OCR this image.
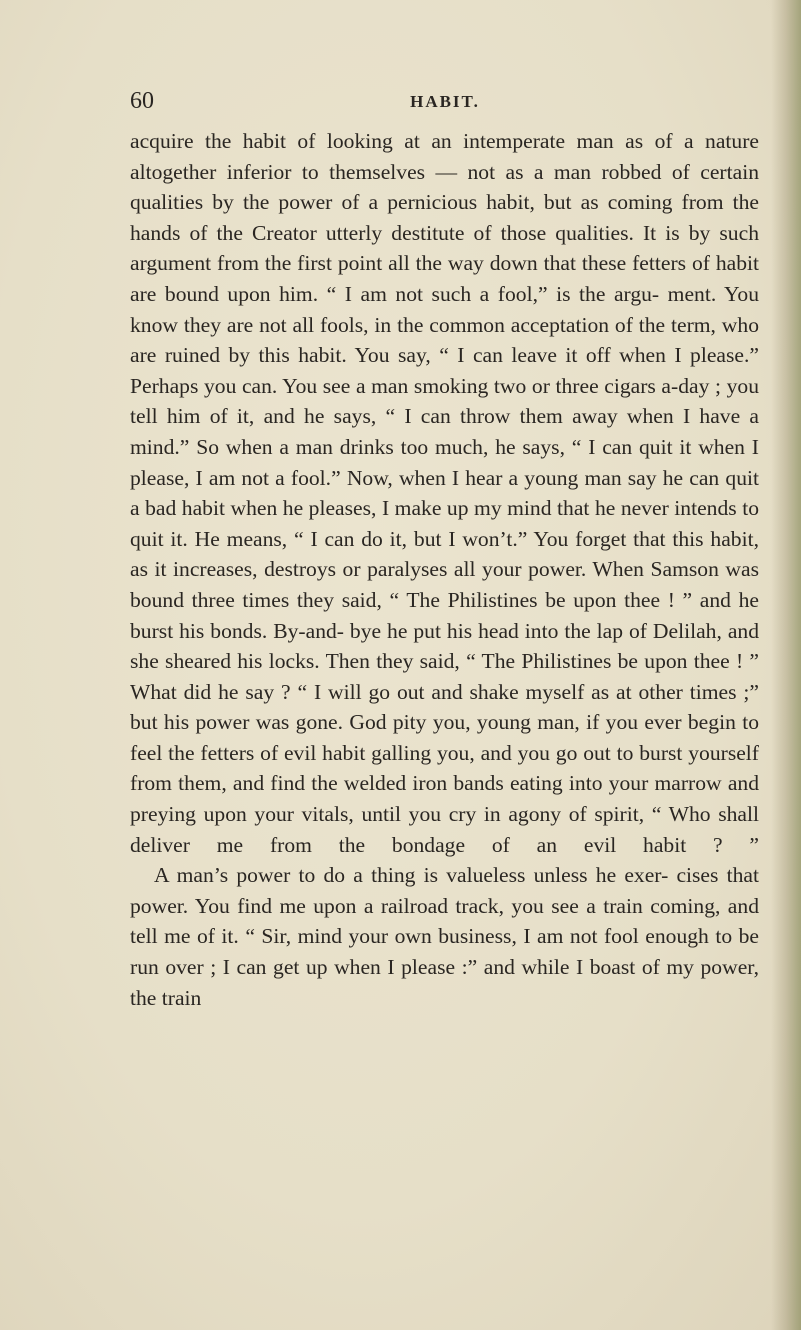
60	HABIT.

acquire the habit of looking at an intemperate man as of a nature altogether inferior to themselves — not as a man robbed of certain qualities by the power of a pernicious habit, but as coming from the hands of the Creator utterly destitute of those qualities. It is by such argument from the first point all the way down that these fetters of habit are bound upon him. “ I am not such a fool,” is the argu- ment. You know they are not all fools, in the common acceptation of the term, who are ruined by this habit. You say, “ I can leave it off when I please.” Perhaps you can. You see a man smoking two or three cigars a-day ; you tell him of it, and he says, “ I can throw them away when I have a mind.” So when a man drinks too much, he says, “ I can quit it when I please, I am not a fool.” Now, when I hear a young man say he can quit a bad habit when he pleases, I make up my mind that he never intends to quit it. He means, “ I can do it, but I won’t.” You forget that this habit, as it increases, destroys or paralyses all your power. When Samson was bound three times they said, “ The Philistines be upon thee ! ” and he burst his bonds. By-and- bye he put his head into the lap of Delilah, and she sheared his locks. Then they said, “ The Philistines be upon thee ! ” What did he say ? “ I will go out and shake myself as at other times ;” but his power was gone. God pity you, young man, if you ever begin to feel the fetters of evil habit galling you, and you go out to burst yourself from them, and find the welded iron bands eating into your marrow and preying upon your vitals, until you cry in agony of spirit, “ Who shall deliver me from the bondage of an evil habit ? ”

A man’s power to do a thing is valueless unless he exer- cises that power. You find me upon a railroad track, you see a train coming, and tell me of it. “ Sir, mind your own business, I am not fool enough to be run over ; I can get up when I please :” and while I boast of my power, the train
